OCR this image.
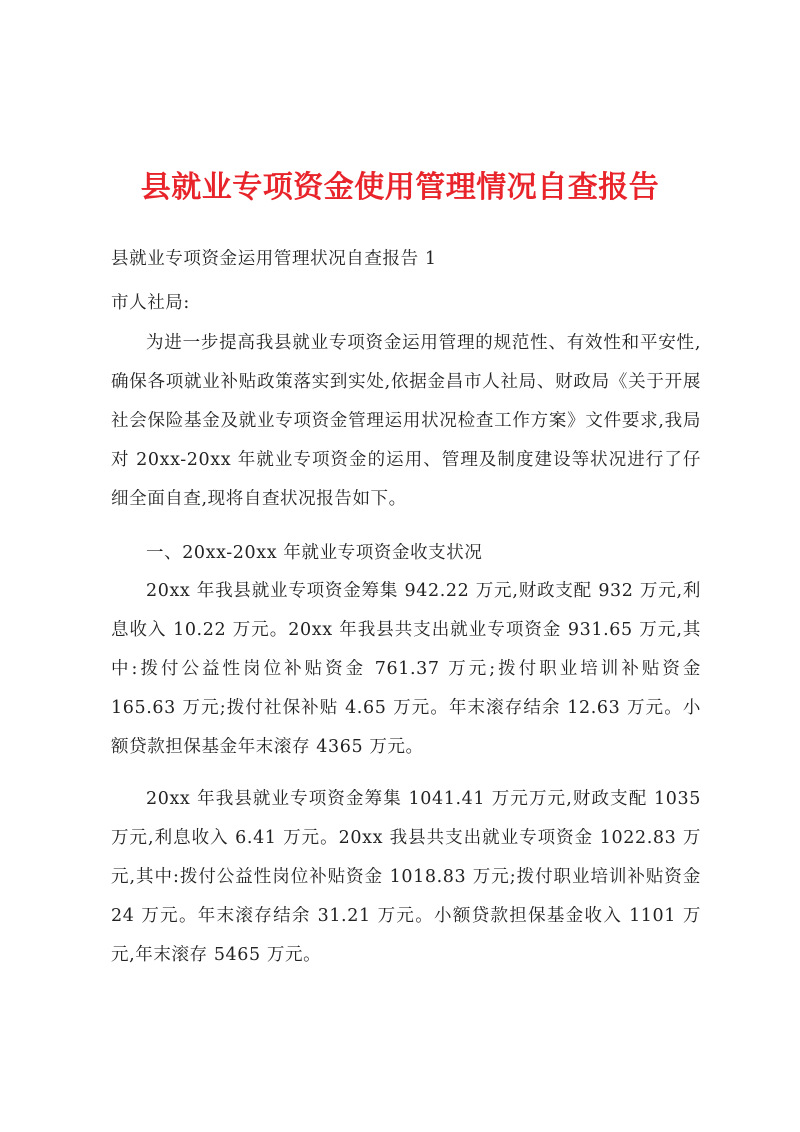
县就业专项资金使用管理情况自查报告

县就业专项资金运用管理状况自查报告 1

市人社局:

为进一步提高我县就业专项资金运用管理的规范性、有效性和平安性,确保各项就业补贴政策落实到实处,依据金昌市人社局、财政局《关于开展社会保险基金及就业专项资金管理运用状况检查工作方案》文件要求,我局对 20xx-20xx 年就业专项资金的运用、管理及制度建设等状况进行了仔细全面自查,现将自查状况报告如下。

一、20xx-20xx 年就业专项资金收支状况

20xx 年我县就业专项资金筹集 942.22 万元,财政支配 932 万元,利息收入 10.22 万元。20xx 年我县共支出就业专项资金 931.65 万元,其中:拨付公益性岗位补贴资金 761.37 万元;拨付职业培训补贴资金 165.63 万元;拨付社保补贴 4.65 万元。年末滚存结余 12.63 万元。小额贷款担保基金年末滚存 4365 万元。

20xx 年我县就业专项资金筹集 1041.41 万元万元,财政支配 1035 万元,利息收入 6.41 万元。20xx 我县共支出就业专项资金 1022.83 万元,其中:拨付公益性岗位补贴资金 1018.83 万元;拨付职业培训补贴资金 24 万元。年末滚存结余 31.21 万元。小额贷款担保基金收入 1101 万元,年末滚存 5465 万元。
